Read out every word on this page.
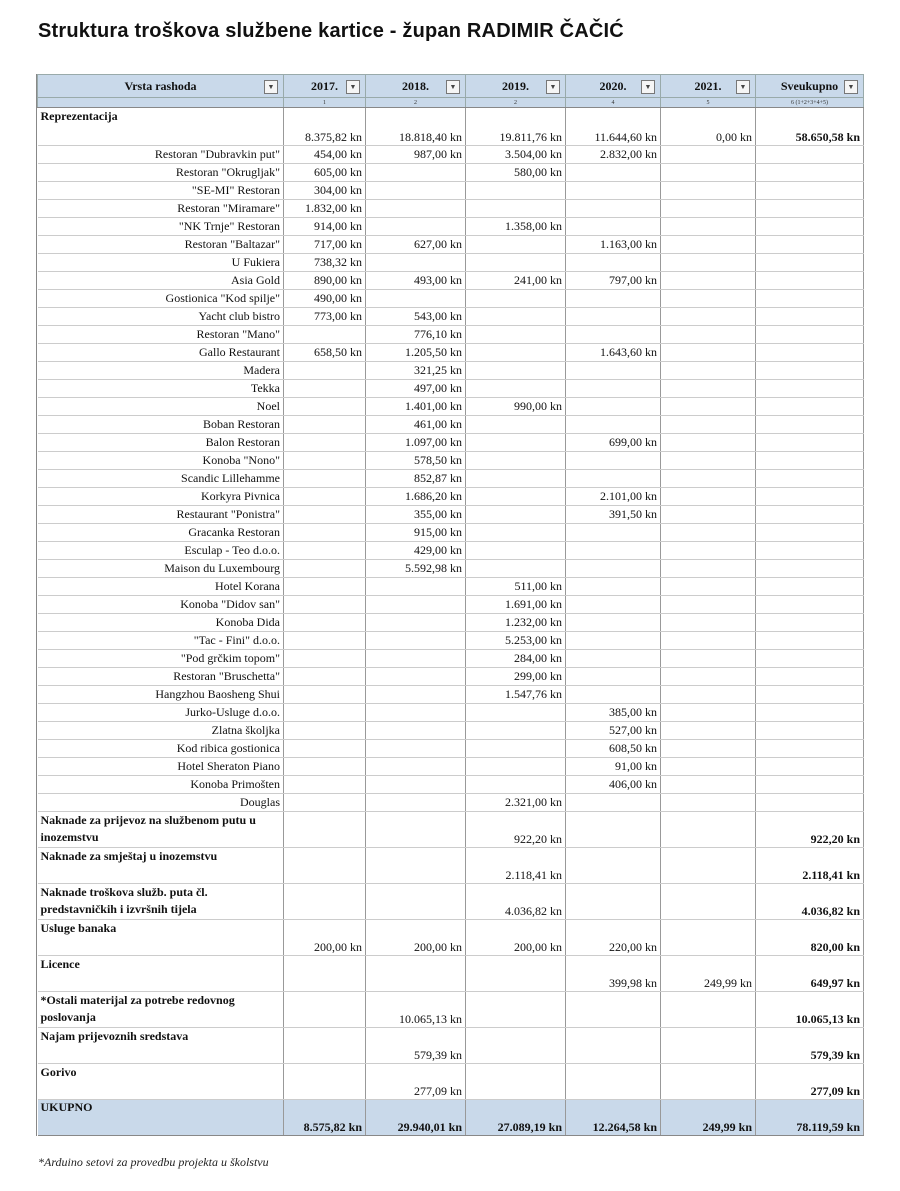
Struktura troškova službene kartice - župan RADIMIR ČAČIĆ
Vrsta rashoda ▼	2017. ▼	2018. ▼	2019. ▼	2020. ▼	2021. ▼	Sveukupno ▼

	1	2	2	4	5	6 (1+2+3+4+5)
Reprezentacija	8.375,82 kn	18.818,40 kn	19.811,76 kn	11.644,60 kn	0,00 kn	58.650,58 kn
Restoran "Dubravkin put"	454,00 kn	987,00 kn	3.504,00 kn	2.832,00 kn		
Restoran "Okrugljak"	605,00 kn		580,00 kn			
"SE-MI" Restoran	304,00 kn					
Restoran "Miramare"	1.832,00 kn					
"NK Trnje" Restoran	914,00 kn		1.358,00 kn			
Restoran "Baltazar"	717,00 kn	627,00 kn		1.163,00 kn		
U Fukiera	738,32 kn					
Asia Gold	890,00 kn	493,00 kn	241,00 kn	797,00 kn		
Gostionica "Kod spilje"	490,00 kn					
Yacht club bistro	773,00 kn	543,00 kn				
Restoran "Mano"		776,10 kn				
Gallo Restaurant	658,50 kn	1.205,50 kn		1.643,60 kn		
Madera		321,25 kn				
Tekka		497,00 kn				
Noel		1.401,00 kn	990,00 kn			
Boban Restoran		461,00 kn				
Balon Restoran		1.097,00 kn		699,00 kn		
Konoba "Nono"		578,50 kn				
Scandic Lillehamme		852,87 kn				
Korkyra Pivnica		1.686,20 kn		2.101,00 kn		
Restaurant "Ponistra"		355,00 kn		391,50 kn		
Gracanka Restoran		915,00 kn				
Esculap - Teo d.o.o.		429,00 kn				
Maison du Luxembourg		5.592,98 kn				
Hotel Korana			511,00 kn			
Konoba "Didov san"			1.691,00 kn			
Konoba Dida			1.232,00 kn			
"Tac - Fini" d.o.o.			5.253,00 kn			
"Pod grčkim topom"			284,00 kn			
Restoran "Bruschetta"			299,00 kn			
Hangzhou Baosheng Shui			1.547,76 kn			
Jurko-Usluge d.o.o.				385,00 kn		
Zlatna školjka				527,00 kn		
Kod ribica gostionica				608,50 kn		
Hotel Sheraton Piano				91,00 kn		
Konoba Primošten				406,00 kn		
Douglas			2.321,00 kn			
Naknade za prijevoz na službenom putu u inozemstvu			922,20 kn			922,20 kn
Naknade za smještaj u inozemstvu			2.118,41 kn			2.118,41 kn
Naknade troškova služb. puta čl. predstavničkih i izvršnih tijela			4.036,82 kn			4.036,82 kn
Usluge banaka	200,00 kn	200,00 kn	200,00 kn	220,00 kn		820,00 kn
Licence				399,98 kn	249,99 kn	649,97 kn
*Ostali materijal za potrebe redovnog poslovanja		10.065,13 kn				10.065,13 kn
Najam prijevoznih sredstava		579,39 kn				579,39 kn
Gorivo		277,09 kn				277,09 kn
UKUPNO	8.575,82 kn	29.940,01 kn	27.089,19 kn	12.264,58 kn	249,99 kn	78.119,59 kn
*Arduino setovi za provedbu projekta u školstvu
